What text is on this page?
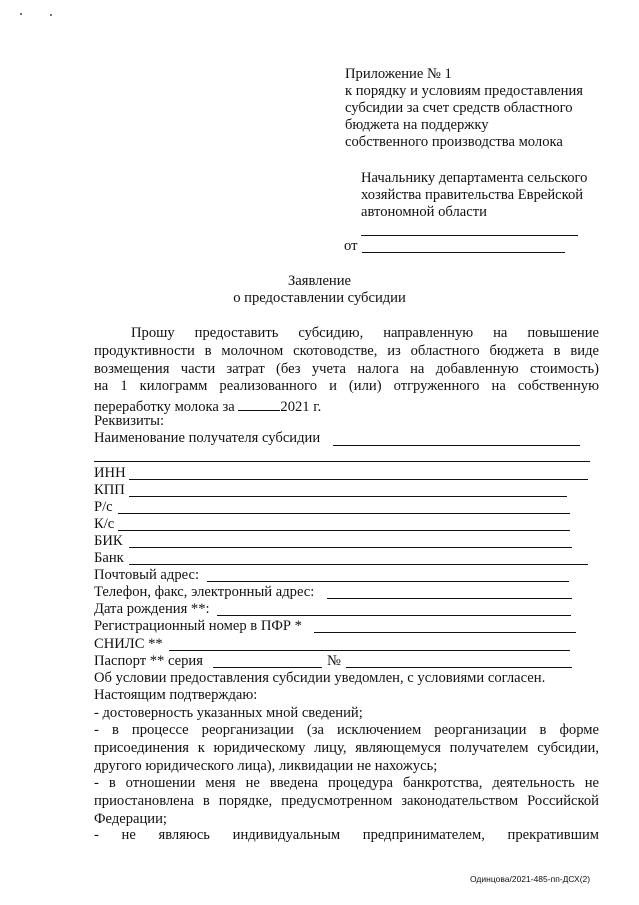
Приложение № 1
к порядку и условиям предоставления
субсидии за счет средств областного
бюджета на поддержку
собственного производства молока
Начальнику департамента сельского
хозяйства правительства Еврейской
автономной области
от
Заявление
о предоставлении субсидии
Прошу предоставить субсидию, направленную на повышение
продуктивности в молочном скотоводстве, из областного бюджета в виде
возмещения части затрат (без учета налога на добавленную стоимость)
на 1 килограмм реализованного и (или) отгруженного на собственную
переработку молока за	2021 г.
Реквизиты:
Наименование получателя субсидии
ИНН
КПП
Р/с
К/с
БИК
Банк
Почтовый адрес:
Телефон, факс, электронный адрес:
Дата рождения **:
Регистрационный номер в ПФР *
СНИЛС **
Паспорт ** серия	№
Об условии предоставления субсидии уведомлен, с условиями согласен.
Настоящим подтверждаю:
- достоверность указанных мной сведений;
- в процессе реорганизации (за исключением реорганизации в форме
присоединения к юридическому лицу, являющемуся получателем субсидии,
другого юридического лица), ликвидации не нахожусь;
- в отношении меня не введена процедура банкротства, деятельность не
приостановлена в порядке, предусмотренном законодательством Российской
Федерации;
- не являюсь индивидуальным предпринимателем, прекратившим
Одинцова/2021-485-пп-ДСХ(2)
